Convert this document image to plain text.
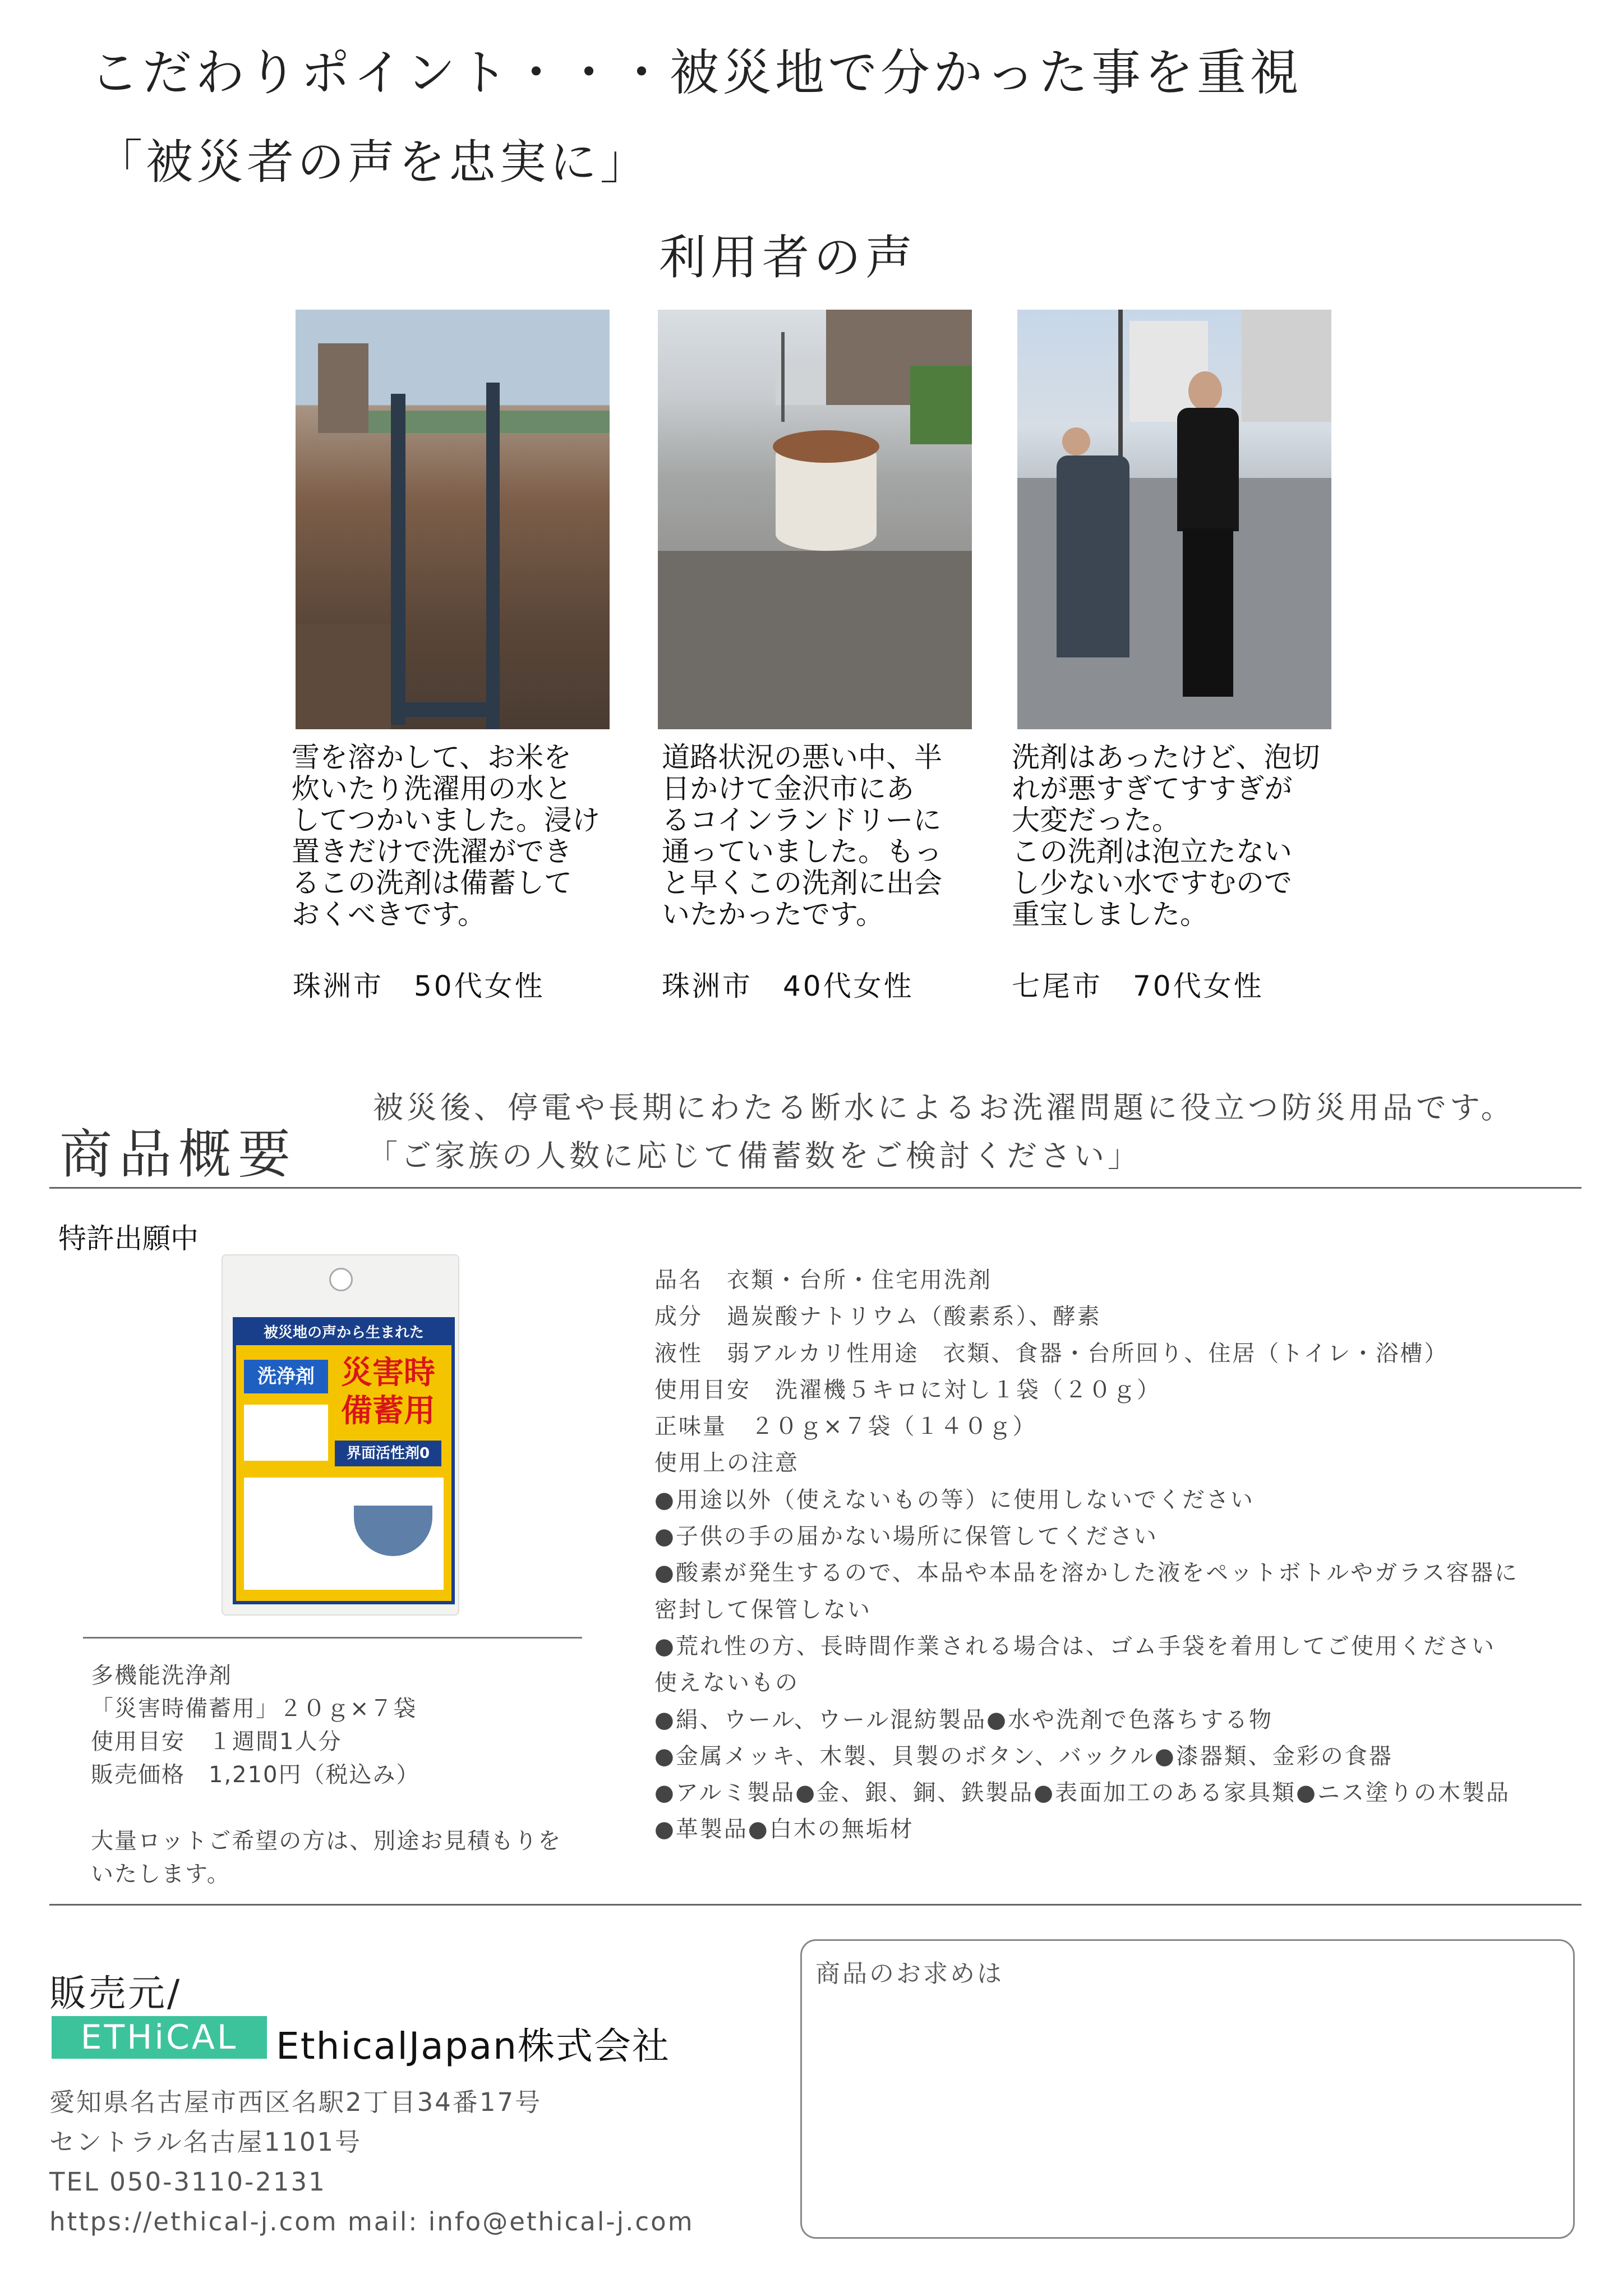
こだわりポイント・・・被災地で分かった事を重視
「被災者の声を忠実に」
利用者の声
雪を溶かして、お米を
炊いたり洗濯用の水と
してつかいました。浸け
置きだけで洗濯ができ
るこの洗剤は備蓄して
おくべきです。
道路状況の悪い中、半
日かけて金沢市にあ
るコインランドリーに
通っていました。もっ
と早くこの洗剤に出会
いたかったです。
洗剤はあったけど、泡切
れが悪すぎてすすぎが
大変だった。
この洗剤は泡立たない
し少ない水ですむので
重宝しました。
珠洲市　50代女性	珠洲市　40代女性	七尾市　70代女性
商品概要
被災後、停電や長期にわたる断水によるお洗濯問題に役立つ防災用品です。
「ご家族の人数に応じて備蓄数をご検討ください」
特許出願中
被災地の声から生まれた
洗浄剤 災害時
備蓄用
界面活性剤0
多機能洗浄剤
「災害時備蓄用」２０ｇ×７袋
使用目安　１週間1人分
販売価格　1,210円（税込み）
大量ロットご希望の方は、別途お見積もりを
いたします。
品名　衣類・台所・住宅用洗剤
成分　過炭酸ナトリウム（酸素系）、酵素
液性　弱アルカリ性用途　衣類、食器・台所回り、住居（トイレ・浴槽）
使用目安　洗濯機５キロに対し１袋（２０ｇ）
正味量　２０ｇ×７袋（１４０ｇ）
使用上の注意
●用途以外（使えないもの等）に使用しないでください
●子供の手の届かない場所に保管してください
●酸素が発生するので、本品や本品を溶かした液をペットボトルやガラス容器に
密封して保管しない
●荒れ性の方、長時間作業される場合は、ゴム手袋を着用してご使用ください
使えないもの
●絹、ウール、ウール混紡製品●水や洗剤で色落ちする物
●金属メッキ、木製、貝製のボタン、バックル●漆器類、金彩の食器
●アルミ製品●金、銀、銅、鉄製品●表面加工のある家具類●ニス塗りの木製品
●革製品●白木の無垢材
販売元/
ETHiCAL	EthicalJapan株式会社
愛知県名古屋市西区名駅2丁目34番17号
セントラル名古屋1101号
TEL 050-3110-2131
https://ethical-j.com mail: info@ethical-j.com
商品のお求めは
